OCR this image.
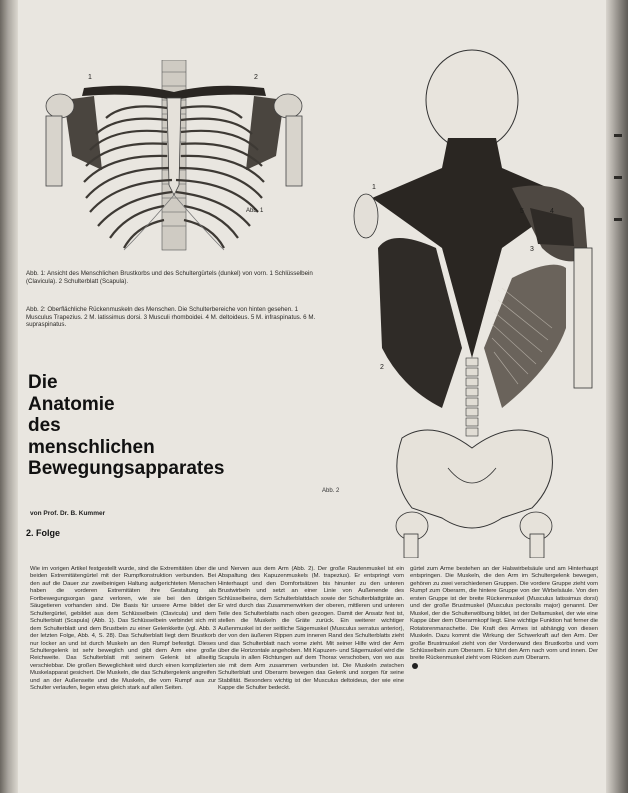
1	2
Abb. 1
Abb. 1: Ansicht des Menschlichen Brustkorbs und des Schultergürtels (dunkel) von vorn. 1 Schlüsselbein (Clavicula). 2 Schulterblatt (Scapula).
Abb. 2: Oberflächliche Rückenmuskeln des Menschen. Die Schulterbereiche von hinten gesehen. 1 Musculus Trapezius. 2 M. latissimus dorsi. 3 Musculi rhomboidei. 4 M. deltoideus. 5 M. infraspinatus. 6 M. supraspinatus.
1
2
3
4
5
Abb. 2
Die
Anatomie
des
menschlichen
Bewegungsapparates
von Prof. Dr. B. Kummer
2. Folge

Wie im vorigen Artikel festgestellt wurde, sind die Extremitäten über die beiden Extremitätengürtel mit der Rumpfkonstruktion verbunden. Bei den auf die Dauer zur zweibeinigen Haltung aufgerichteten Menschen haben die vorderen Extremitäten ihre Gestaltung als Fortbewegungsorgan ganz verloren, wie sie bei den übrigen Säugetieren vorhanden sind. Die Basis für unsere Arme bildet der Schultergürtel, gebildet aus dem Schlüsselbein (Clavicula) und dem Schulterblatt (Scapula) (Abb. 1). Das Schlüsselbein verbindet sich mit dem Schulterblatt und dem Brustbein zu einer Gelenkkette (vgl. Abb. 3 der letzten Folge, Abb. 4, S. 28). Das Schulterblatt liegt dem Brustkorb nur locker an und ist durch Muskeln an den Rumpf befestigt. Dieses Schultergelenk ist sehr beweglich und gibt dem Arm eine große Reichweite. Das Schulterblatt mit seinem Gelenk ist allseitig verschiebbar. Die großen Beweglichkeit wird durch einen komplizierten Muskelapparat gesichert. Die Muskeln, die das Schultergelenk angreifen und an der Außenseite und die Muskeln, die vom Rumpf aus zur Schulter verlaufen, liegen etwa gleich stark auf allen Seiten.

und Nerven aus dem Arm (Abb. 2). Der große Rautenmuskel ist ein Abspaltung des Kapuzenmuskels (M. trapezius). Er entspringt vom Hinterhaupt und den Dornfortsätzen bis hinunter zu den unteren Brustwirbeln und setzt an einer Linie von Außenende des Schlüsselbeins, dem Schulterblattdach sowie der Schulterblattgräte an. Er wird durch das Zusammenwirken der oberen, mittleren und unteren Teile des Schulterblatts nach oben gezogen. Damit der Ansatz fest ist, stellen die Muskeln die Gräte zurück. Ein weiterer wichtiger Außenmuskel ist der seitliche Sägemuskel (Musculus serratus anterior), der von den äußeren Rippen zum inneren Rand des Schulterblatts zieht und das Schulterblatt nach vorne zieht. Mit seiner Hilfe wird der Arm über die Horizontale angehoben. Mit Kapuzen- und Sägemuskel wird die Scapula in allen Richtungen auf dem Thorax verschoben, von wo aus sie mit dem Arm zusammen verbunden ist. Die Muskeln zwischen Schulterblatt und Oberarm bewegen das Gelenk und sorgen für seine Stabilität. Besonders wichtig ist der Musculus deltoideus, der wie eine Kappe die Schulter bedeckt.

gürtel zum Arme bestehen an der Halswirbelsäule und am Hinterhaupt entspringen. Die Muskeln, die den Arm im Schultergelenk bewegen, gehören zu zwei verschiedenen Gruppen. Die vordere Gruppe zieht vom Rumpf zum Oberarm, die hintere Gruppe von der Wirbelsäule. Von den ersten Gruppe ist der breite Rückenmuskel (Musculus latissimus dorsi) und der große Brustmuskel (Musculus pectoralis major) genannt. Der Muskel, der die Schulterwölbung bildet, ist der Deltamuskel, der wie eine Kappe über dem Oberarmkopf liegt. Eine wichtige Funktion hat ferner die Rotatorenmanschette. Die Kraft des Armes ist abhängig von diesen Muskeln. Dazu kommt die Wirkung der Schwerkraft auf den Arm. Der große Brustmuskel zieht von der Vorderwand des Brustkorbs und vom Schlüsselbein zum Oberarm. Er führt den Arm nach vorn und innen. Der breite Rückenmuskel zieht vom Rücken zum Oberarm.
